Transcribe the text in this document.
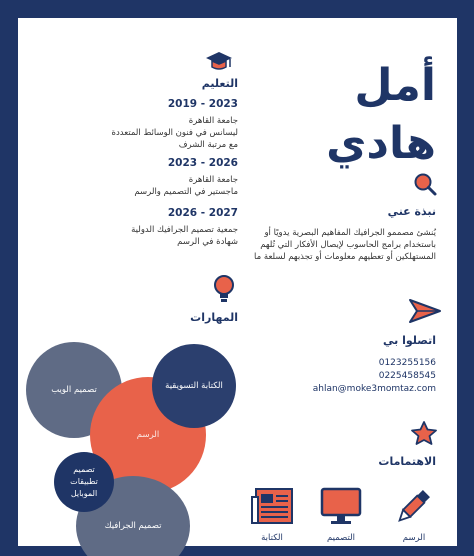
أمل
هادي
نبذة عني
يُنشئ مصممو الجرافيك المفاهيم البصرية يدويًا أو
باستخدام برامج الحاسوب لإيصال الأفكار التي تُلهم
المستهلكين أو تعطيهم معلومات أو تجذبهم لسلعة ما
التعليم
2019 - 2023
جامعة القاهرة
ليسانس في فنون الوسائط المتعددة
مع مرتبة الشرف
2023 - 2026
جامعة القاهرة
ماجستير في التصميم والرسم
2026 - 2027
جمعية تصميم الجرافيك الدولية
شهادة في الرسم
المهارات
تصميم الويب
الرسم
الكتابة التسويقية
تصميم الجرافيك
تصميم تطبيقات الموبايل
اتصلوا بي
0123255156
0225458545
ahlan@moke3momtaz.com
الاهتمامات
الرسم
التصميم
الكتابة
